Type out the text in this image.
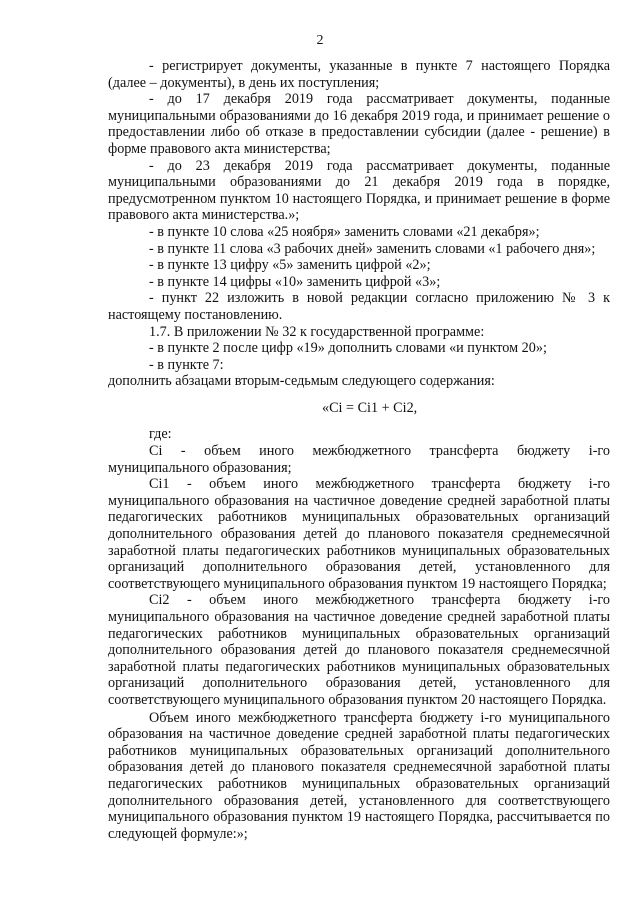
2

- регистрирует документы, указанные в пункте 7 настоящего Порядка (далее – документы), в день их поступления;

- до 17 декабря 2019 года рассматривает документы, поданные муниципальными образованиями до 16 декабря 2019 года, и принимает решение о предоставлении либо об отказе в предоставлении субсидии (далее - решение) в форме правового акта министерства;

- до 23 декабря 2019 года рассматривает документы, поданные муниципальными образованиями до 21 декабря 2019 года в порядке, предусмотренном пунктом 10 настоящего Порядка, и принимает решение в форме правового акта министерства.»;

- в пункте 10 слова «25 ноября» заменить словами «21 декабря»;

- в пункте 11 слова «3 рабочих дней» заменить словами «1 рабочего дня»;

- в пункте 13 цифру «5» заменить цифрой «2»;

- в пункте 14 цифры «10» заменить цифрой «3»;

- пункт 22 изложить в новой редакции согласно приложению № 3 к настоящему постановлению.

1.7. В приложении № 32 к государственной программе:

- в пункте 2 после цифр «19» дополнить словами «и пунктом 20»;

- в пункте 7:

дополнить абзацами вторым-седьмым следующего содержания:

«Ci = Ci1 + Ci2,

где:

Ci - объем иного межбюджетного трансферта бюджету i-го муниципального образования;

Ci1 - объем иного межбюджетного трансферта бюджету i-го муниципального образования на частичное доведение средней заработной платы педагогических работников муниципальных образовательных организаций дополнительного образования детей до планового показателя среднемесячной заработной платы педагогических работников муниципальных образовательных организаций дополнительного образования детей, установленного для соответствующего муниципального образования пунктом 19 настоящего Порядка;

Ci2 - объем иного межбюджетного трансферта бюджету i-го муниципального образования на частичное доведение средней заработной платы педагогических работников муниципальных образовательных организаций дополнительного образования детей до планового показателя среднемесячной заработной платы педагогических работников муниципальных образовательных организаций дополнительного образования детей, установленного для соответствующего муниципального образования пунктом 20 настоящего Порядка.

Объем иного межбюджетного трансферта бюджету i-го муниципального образования на частичное доведение средней заработной платы педагогических работников муниципальных образовательных организаций дополнительного образования детей до планового показателя среднемесячной заработной платы педагогических работников муниципальных образовательных организаций дополнительного образования детей, установленного для соответствующего муниципального образования пунктом 19 настоящего Порядка, рассчитывается по следующей формуле:»;
